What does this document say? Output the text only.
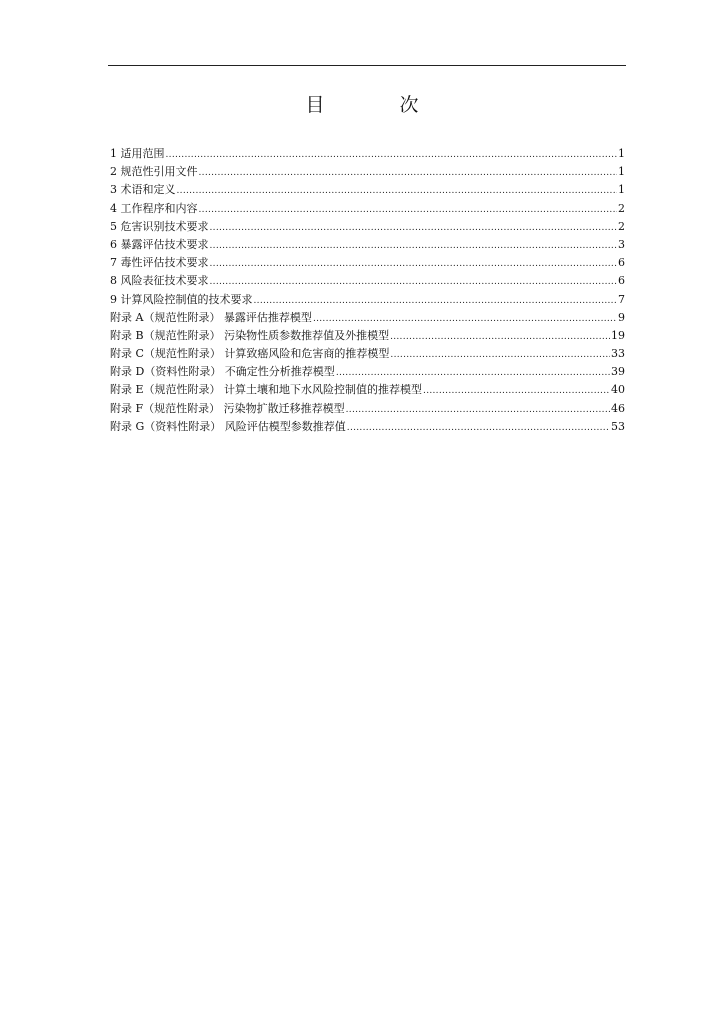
目　次
1 适用范围 .....	1
2 规范性引用文件 .....	1
3 术语和定义 .....	1
4 工作程序和内容 .....	2
5 危害识别技术要求 .....	2
6 暴露评估技术要求 .....	3
7 毒性评估技术要求 .....	6
8 风险表征技术要求 .....	6
9 计算风险控制值的技术要求 .....	7
附录 A（规范性附录） 暴露评估推荐模型 .....	9
附录 B（规范性附录） 污染物性质参数推荐值及外推模型 .....	19
附录 C（规范性附录） 计算致癌风险和危害商的推荐模型 .....	33
附录 D（资料性附录） 不确定性分析推荐模型 .....	39
附录 E（规范性附录） 计算土壤和地下水风险控制值的推荐模型 .....	40
附录 F（规范性附录） 污染物扩散迁移推荐模型 .....	46
附录 G（资料性附录） 风险评估模型参数推荐值 .....	53
